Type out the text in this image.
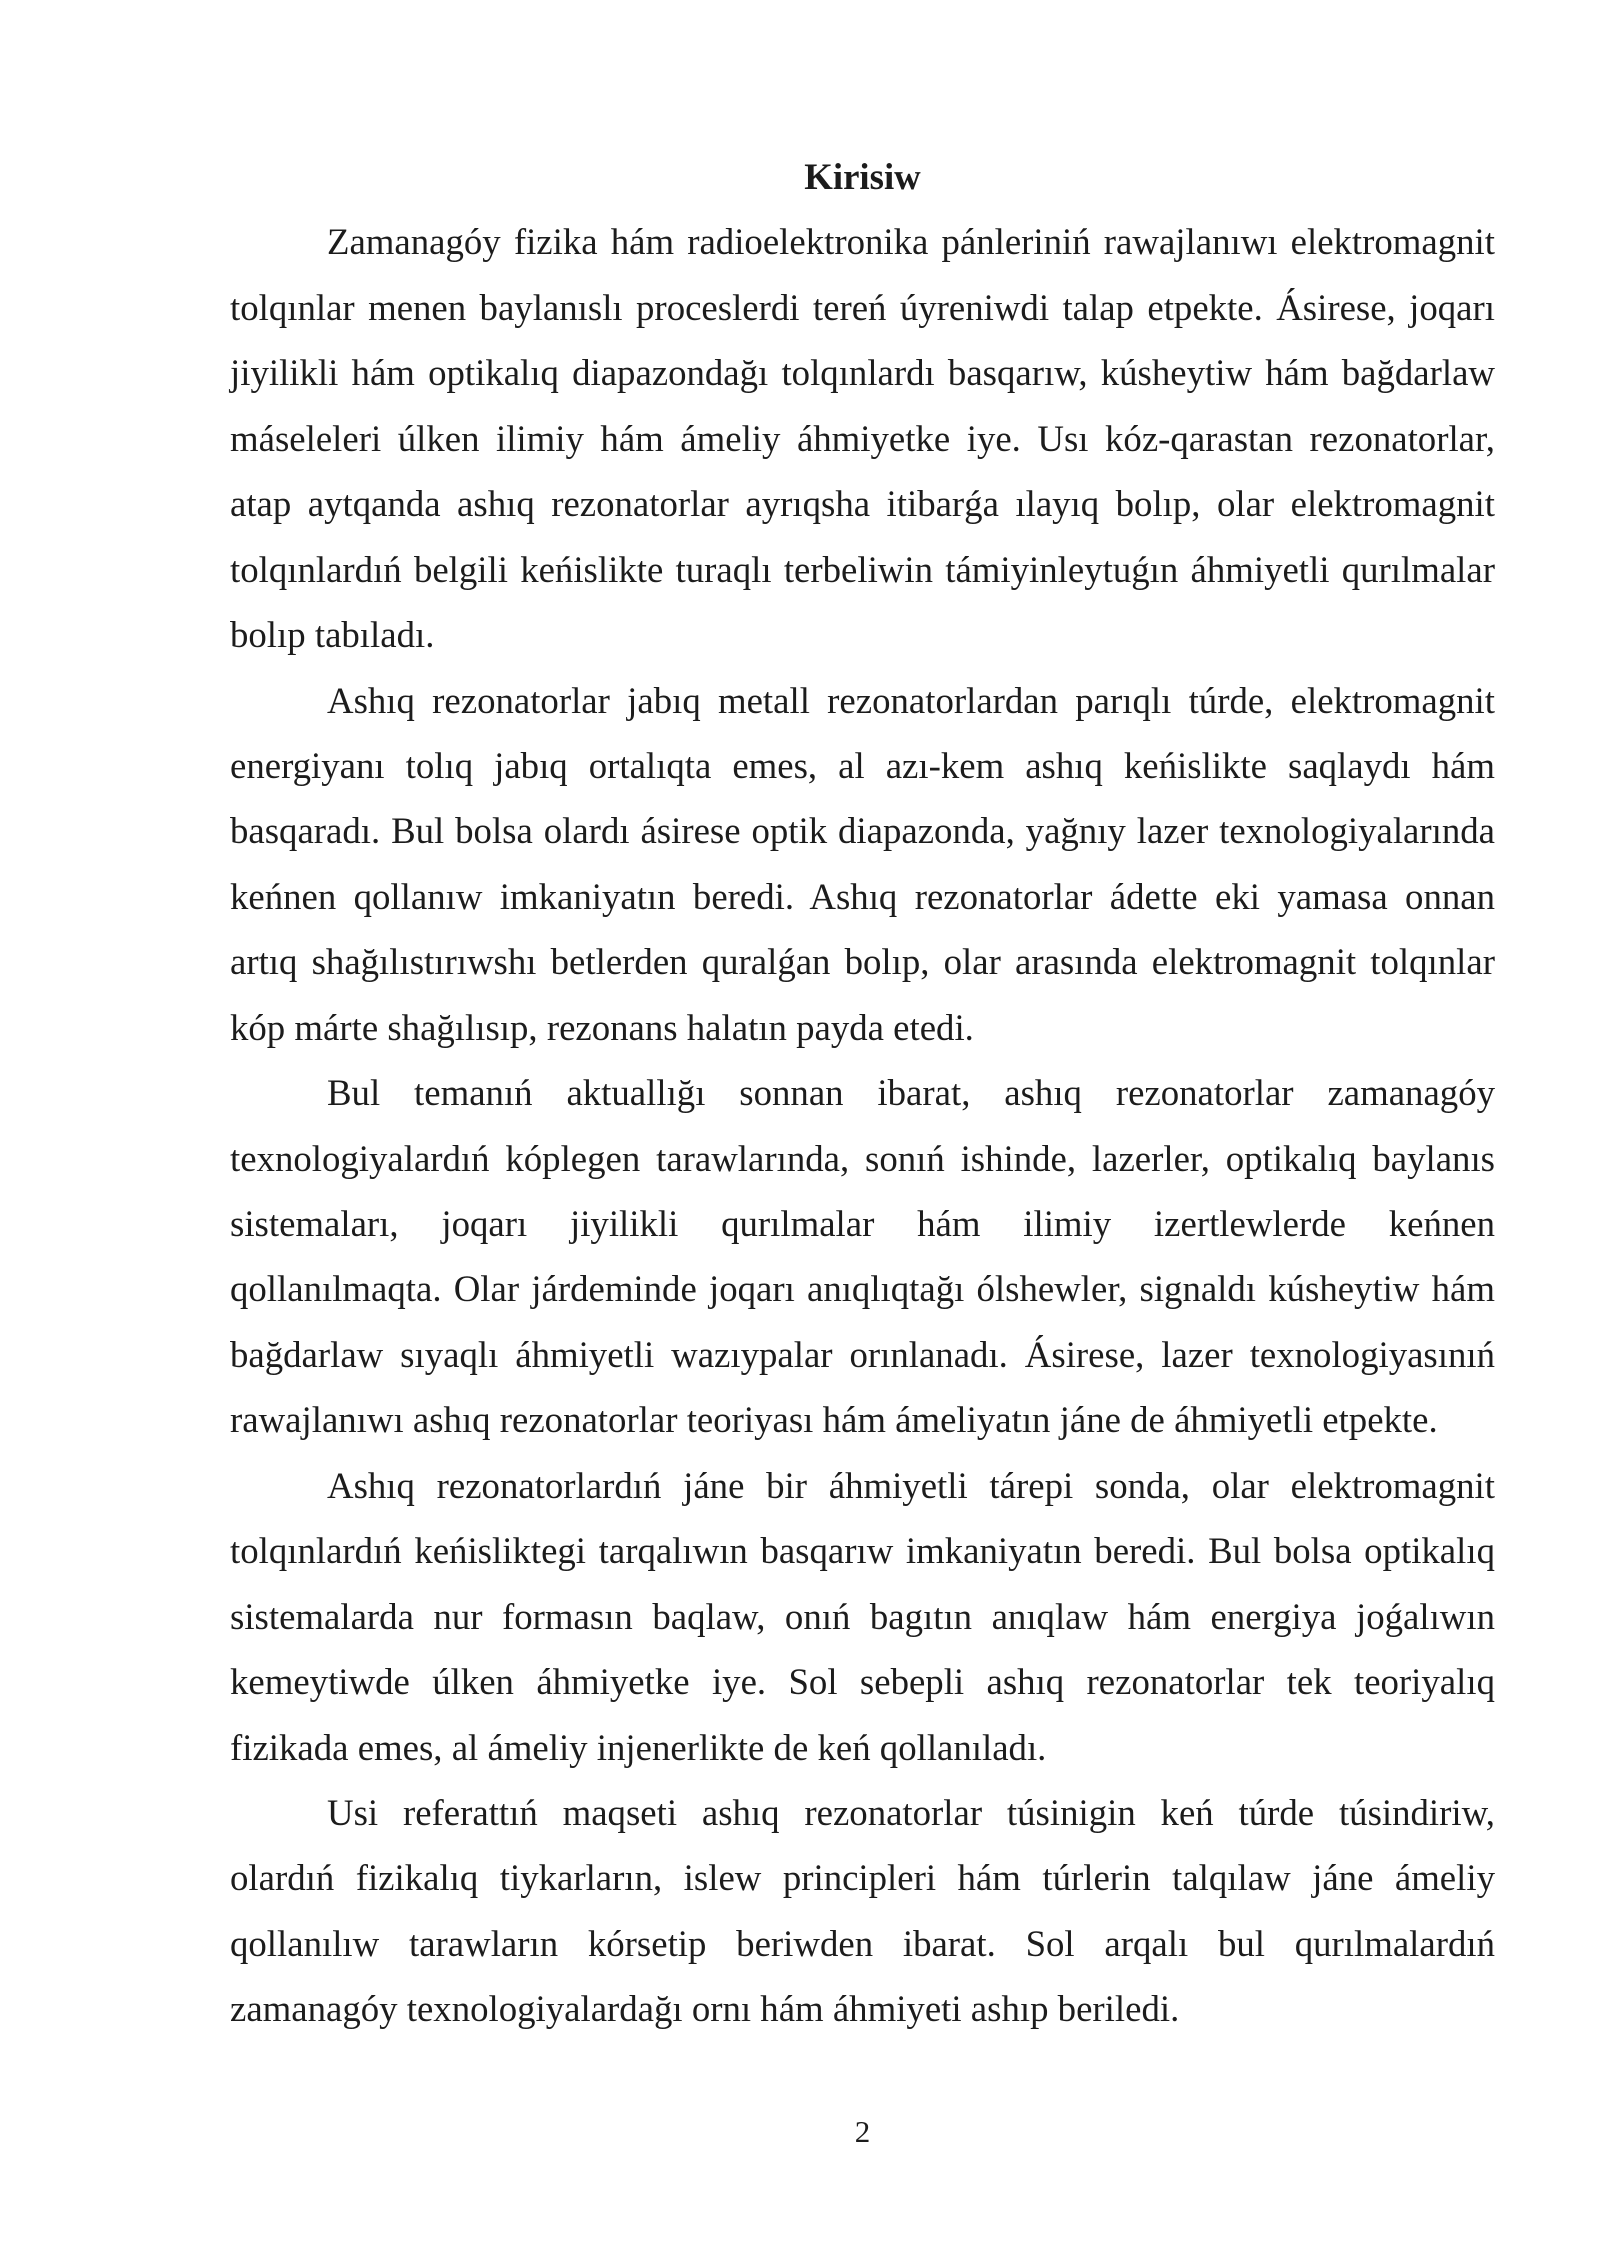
Kirisiw
Zamanagóy fizika hám radioelektronika pánleriniń rawajlanıwı elektromagnit
tolqınlar menen baylanıslı proceslerdi tereń úyreniwdi talap etpekte. Ásirese, joqarı
jiyilikli hám optikalıq diapazondağı tolqınlardı basqarıw, kúsheytiw hám bağdarlaw
máseleleri úlken ilimiy hám ámeliy áhmiyetke iye. Usı kóz-qarastan rezonatorlar,
atap aytqanda ashıq rezonatorlar ayrıqsha itibarǵa ılayıq bolıp, olar elektromagnit
tolqınlardıń belgili keńislikte turaqlı terbeliwin támiyinleytuǵın áhmiyetli qurılmalar
bolıp tabıladı.
Ashıq rezonatorlar jabıq metall rezonatorlardan parıqlı túrde, elektromagnit
energiyanı tolıq jabıq ortalıqta emes, al azı-kem ashıq keńislikte saqlaydı hám
basqaradı. Bul bolsa olardı ásirese optik diapazonda, yağnıy lazer texnologiyalarında
keńnen qollanıw imkaniyatın beredi. Ashıq rezonatorlar ádette eki yamasa onnan
artıq shağılıstırıwshı betlerden quralǵan bolıp, olar arasında elektromagnit tolqınlar
kóp márte shağılısıp, rezonans halatın payda etedi.
Bul temanıń aktuallığı sonnan ibarat, ashıq rezonatorlar zamanagóy
texnologiyalardıń kóplegen tarawlarında, sonıń ishinde, lazerler, optikalıq baylanıs
sistemaları, joqarı jiyilikli qurılmalar hám ilimiy izertlewlerde keńnen
qollanılmaqta. Olar járdeminde joqarı anıqlıqtağı ólshewler, signaldı kúsheytiw hám
bağdarlaw sıyaqlı áhmiyetli wazıypalar orınlanadı. Ásirese, lazer texnologiyasınıń
rawajlanıwı ashıq rezonatorlar teoriyası hám ámeliyatın jáne de áhmiyetli etpekte.
Ashıq rezonatorlardıń jáne bir áhmiyetli tárepi sonda, olar elektromagnit
tolqınlardıń keńisliktegi tarqalıwın basqarıw imkaniyatın beredi. Bul bolsa optikalıq
sistemalarda nur formasın baqlaw, onıń bagıtın anıqlaw hám energiya joǵalıwın
kemeytiwde úlken áhmiyetke iye. Sol sebepli ashıq rezonatorlar tek teoriyalıq
fizikada emes, al ámeliy injenerlikte de keń qollanıladı.
Usi referattıń maqseti ashıq rezonatorlar túsinigin keń túrde túsindiriw,
olardıń fizikalıq tiykarların, islew principleri hám túrlerin talqılaw jáne ámeliy
qollanılıw tarawların kórsetip beriwden ibarat. Sol arqalı bul qurılmalardıń
zamanagóy texnologiyalardağı ornı hám áhmiyeti ashıp beriledi.
2
